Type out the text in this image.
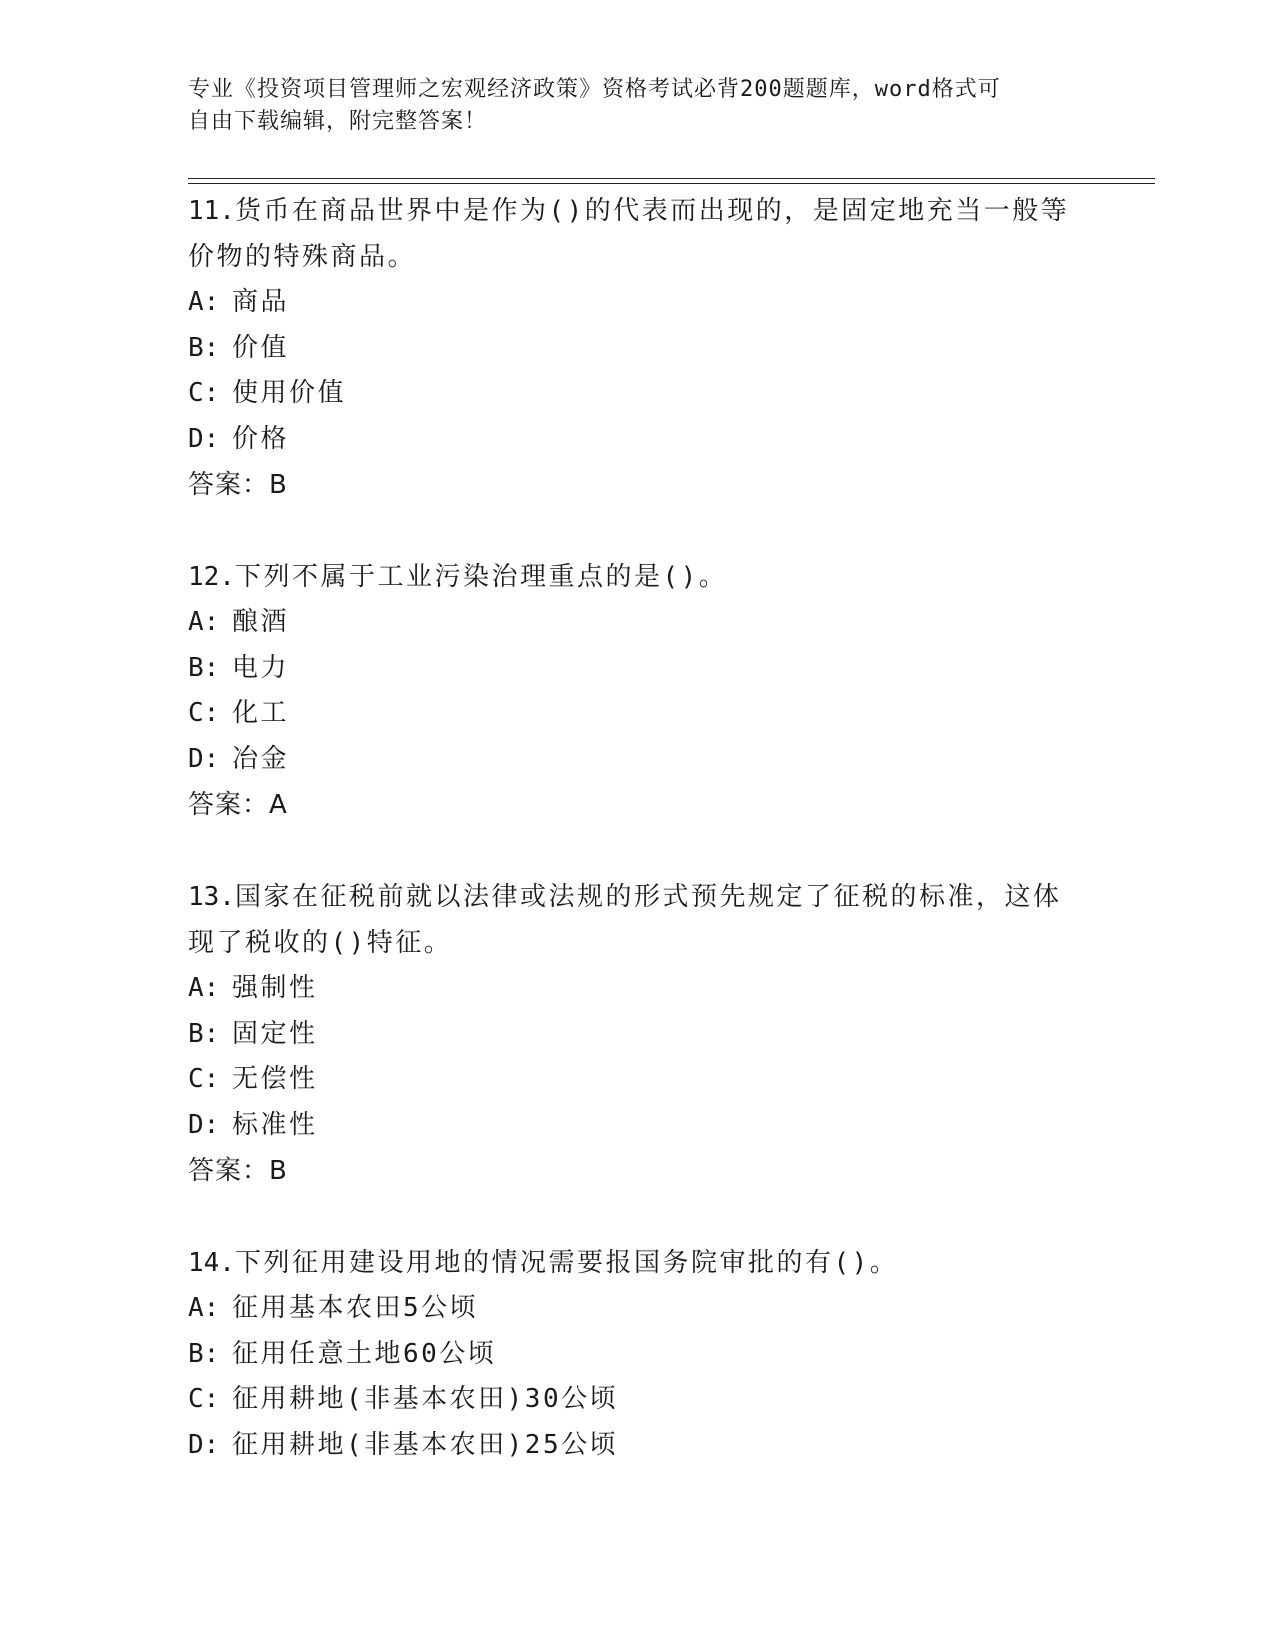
专业《投资项目管理师之宏观经济政策》资格考试必背200题题库，word格式可
自由下载编辑，附完整答案！
11.货币在商品世界中是作为()的代表而出现的，是固定地充当一般等价物的特殊商品。
A: 商品
B: 价值
C: 使用价值
D: 价格
答案：B
12.下列不属于工业污染治理重点的是()。
A: 酿酒
B: 电力
C: 化工
D: 冶金
答案：A
13.国家在征税前就以法律或法规的形式预先规定了征税的标准，这体现了税收的()特征。
A: 强制性
B: 固定性
C: 无偿性
D: 标准性
答案：B
14.下列征用建设用地的情况需要报国务院审批的有()。
A: 征用基本农田5公顷
B: 征用任意土地60公顷
C: 征用耕地(非基本农田)30公顷
D: 征用耕地(非基本农田)25公顷
